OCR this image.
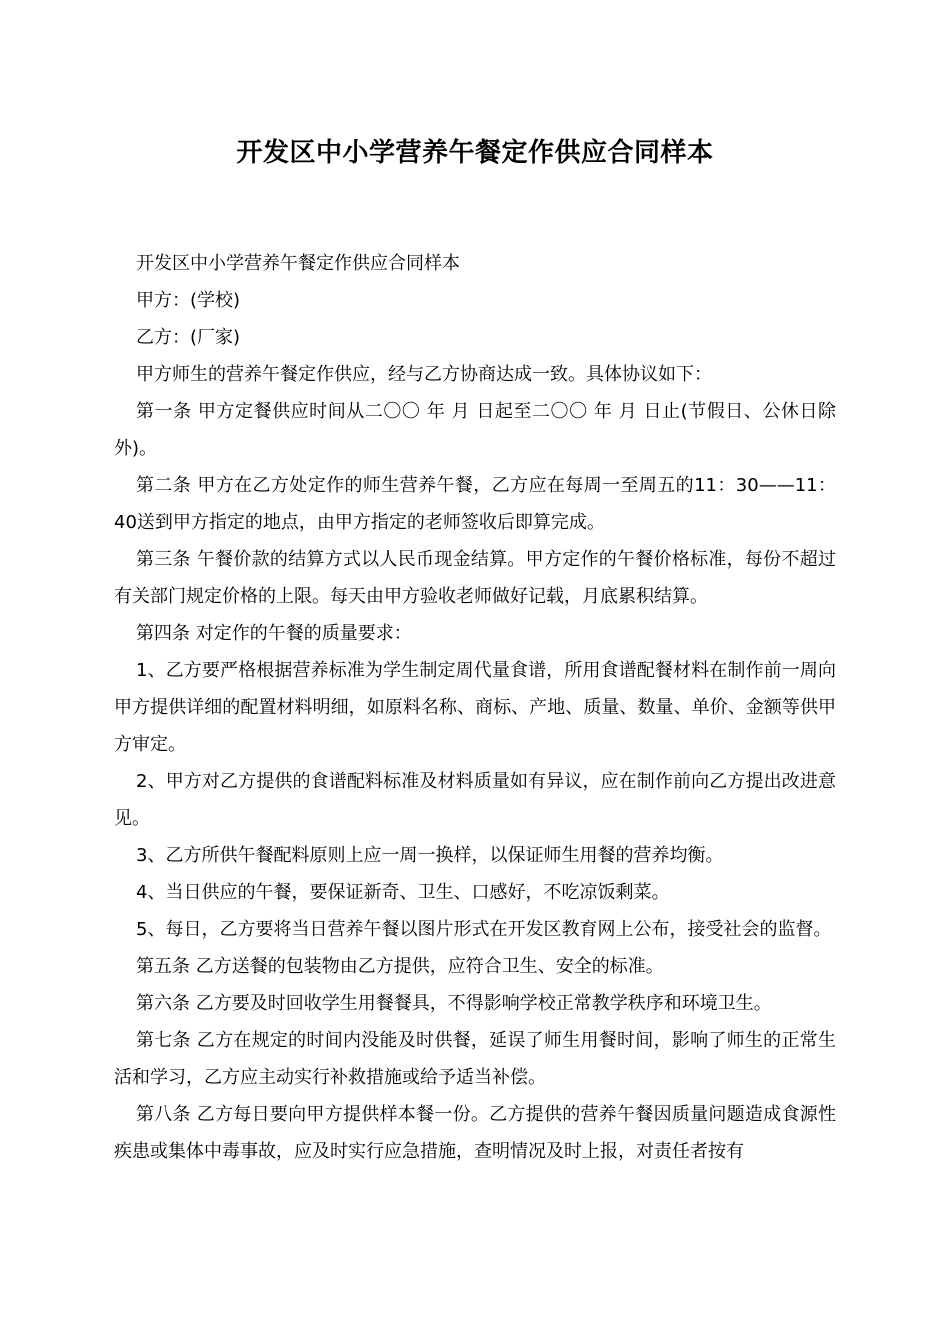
开发区中小学营养午餐定作供应合同样本

开发区中小学营养午餐定作供应合同样本

甲方：(学校)

乙方：(厂家)

甲方师生的营养午餐定作供应，经与乙方协商达成一致。具体协议如下：

第一条 甲方定餐供应时间从二〇〇 年 月 日起至二〇〇 年 月 日止(节假日、公休日除外)。

第二条 甲方在乙方处定作的师生营养午餐，乙方应在每周一至周五的11：30——11：40送到甲方指定的地点，由甲方指定的老师签收后即算完成。

第三条 午餐价款的结算方式以人民币现金结算。甲方定作的午餐价格标准，每份不超过有关部门规定价格的上限。每天由甲方验收老师做好记载，月底累积结算。

第四条 对定作的午餐的质量要求：

1、乙方要严格根据营养标准为学生制定周代量食谱，所用食谱配餐材料在制作前一周向甲方提供详细的配置材料明细，如原料名称、商标、产地、质量、数量、单价、金额等供甲方审定。

2、甲方对乙方提供的食谱配料标准及材料质量如有异议，应在制作前向乙方提出改进意见。

3、乙方所供午餐配料原则上应一周一换样，以保证师生用餐的营养均衡。

4、当日供应的午餐，要保证新奇、卫生、口感好，不吃凉饭剩菜。

5、每日，乙方要将当日营养午餐以图片形式在开发区教育网上公布，接受社会的监督。

第五条 乙方送餐的包装物由乙方提供，应符合卫生、安全的标准。

第六条 乙方要及时回收学生用餐餐具，不得影响学校正常教学秩序和环境卫生。

第七条 乙方在规定的时间内没能及时供餐，延误了师生用餐时间，影响了师生的正常生活和学习，乙方应主动实行补救措施或给予适当补偿。

第八条 乙方每日要向甲方提供样本餐一份。乙方提供的营养午餐因质量问题造成食源性疾患或集体中毒事故，应及时实行应急措施，查明情况及时上报，对责任者按有
